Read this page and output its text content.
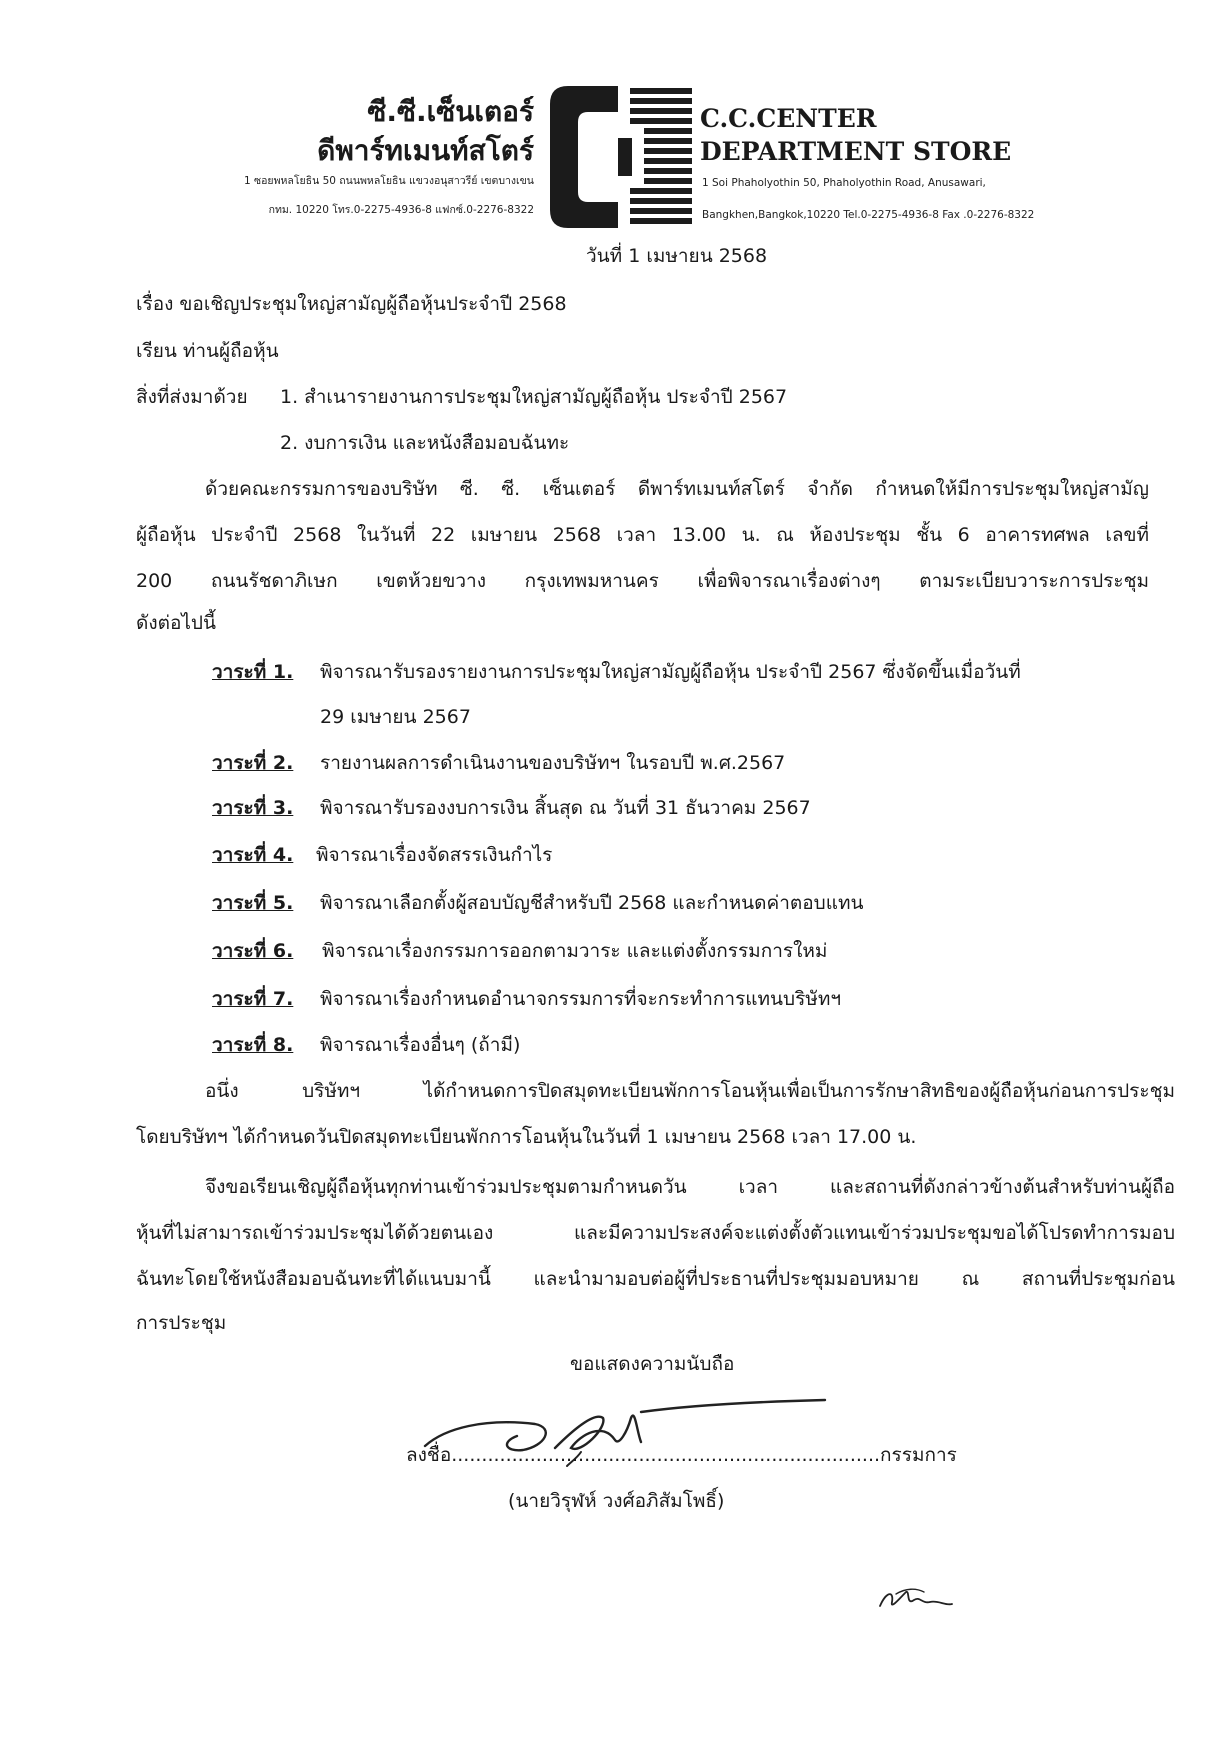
ซี.ซี.เซ็นเตอร์
ดีพาร์ทเมนท์สโตร์
1 ซอยพหลโยธิน 50 ถนนพหลโยธิน แขวงอนุสาวรีย์ เขตบางเขน
กทม. 10220 โทร.0-2275-4936-8 แฟกซ์.0-2276-8322
C.C.CENTER
DEPARTMENT STORE
1 Soi Phaholyothin 50, Phaholyothin Road, Anusawari,
Bangkhen,Bangkok,10220 Tel.0-2275-4936-8 Fax .0-2276-8322
วันที่ 1 เมษายน 2568
เรื่อง ขอเชิญประชุมใหญ่สามัญผู้ถือหุ้นประจำปี 2568
เรียน ท่านผู้ถือหุ้น
สิ่งที่ส่งมาด้วย 1. สำเนารายงานการประชุมใหญ่สามัญผู้ถือหุ้น ประจำปี 2567
2. งบการเงิน และหนังสือมอบฉันทะ
ด้วยคณะกรรมการของบริษัท ซี. ซี. เซ็นเตอร์ ดีพาร์ทเมนท์สโตร์ จำกัด กำหนดให้มีการประชุมใหญ่สามัญ
ผู้ถือหุ้น ประจำปี 2568 ในวันที่ 22 เมษายน 2568 เวลา 13.00 น. ณ ห้องประชุม ชั้น 6 อาคารทศพล เลขที่
200 ถนนรัชดาภิเษก เขตห้วยขวาง กรุงเทพมหานคร เพื่อพิจารณาเรื่องต่างๆ ตามระเบียบวาระการประชุม
ดังต่อไปนี้
วาระที่ 1. พิจารณารับรองรายงานการประชุมใหญ่สามัญผู้ถือหุ้น ประจำปี 2567 ซึ่งจัดขึ้นเมื่อวันที่
29 เมษายน 2567
วาระที่ 2. รายงานผลการดำเนินงานของบริษัทฯ ในรอบปี พ.ศ.2567
วาระที่ 3. พิจารณารับรองงบการเงิน สิ้นสุด ณ วันที่ 31 ธันวาคม 2567
วาระที่ 4. พิจารณาเรื่องจัดสรรเงินกำไร
วาระที่ 5. พิจารณาเลือกตั้งผู้สอบบัญชีสำหรับปี 2568 และกำหนดค่าตอบแทน
วาระที่ 6. พิจารณาเรื่องกรรมการออกตามวาระ และแต่งตั้งกรรมการใหม่
วาระที่ 7. พิจารณาเรื่องกำหนดอำนาจกรรมการที่จะกระทำการแทนบริษัทฯ
วาระที่ 8. พิจารณาเรื่องอื่นๆ (ถ้ามี)
อนึ่ง บริษัทฯ ได้กำหนดการปิดสมุดทะเบียนพักการโอนหุ้นเพื่อเป็นการรักษาสิทธิของผู้ถือหุ้นก่อนการประชุม
โดยบริษัทฯ ได้กำหนดวันปิดสมุดทะเบียนพักการโอนหุ้นในวันที่ 1 เมษายน 2568 เวลา 17.00 น.
จึงขอเรียนเชิญผู้ถือหุ้นทุกท่านเข้าร่วมประชุมตามกำหนดวัน เวลา และสถานที่ดังกล่าวข้างต้นสำหรับท่านผู้ถือ
หุ้นที่ไม่สามารถเข้าร่วมประชุมได้ด้วยตนเอง และมีความประสงค์จะแต่งตั้งตัวแทนเข้าร่วมประชุมขอได้โปรดทำการมอบ
ฉันทะโดยใช้หนังสือมอบฉันทะที่ได้แนบมานี้ และนำมามอบต่อผู้ที่ประธานที่ประชุมมอบหมาย ณ สถานที่ประชุมก่อน
การประชุม
ขอแสดงความนับถือ
ลงชื่อ.......................................................................กรรมการ
(นายวิรุฬห์ วงศ์อภิสัมโพธิ์)
